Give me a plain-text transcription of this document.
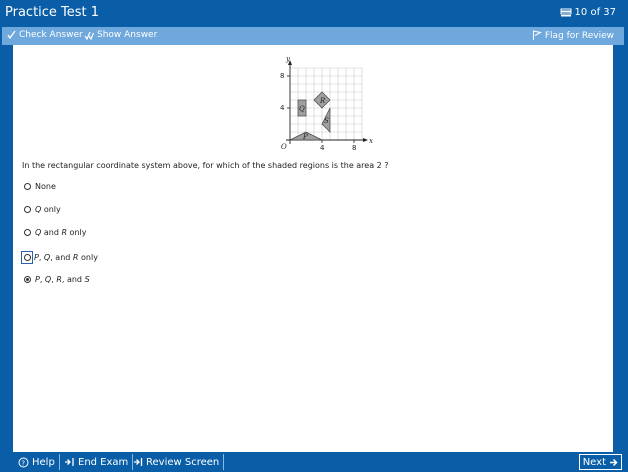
Practice Test 1	10 of 37
Check Answer Show Answer	Flag for Review
y
x
O
8
4
4	8
Q
R
S
P
In the rectangular coordinate system above, for which of the shaded regions is the area 2 ?
None
Q only
Q and R only
P, Q, and R only
P, Q, R, and S
? Help End Exam Review Screen	Next
